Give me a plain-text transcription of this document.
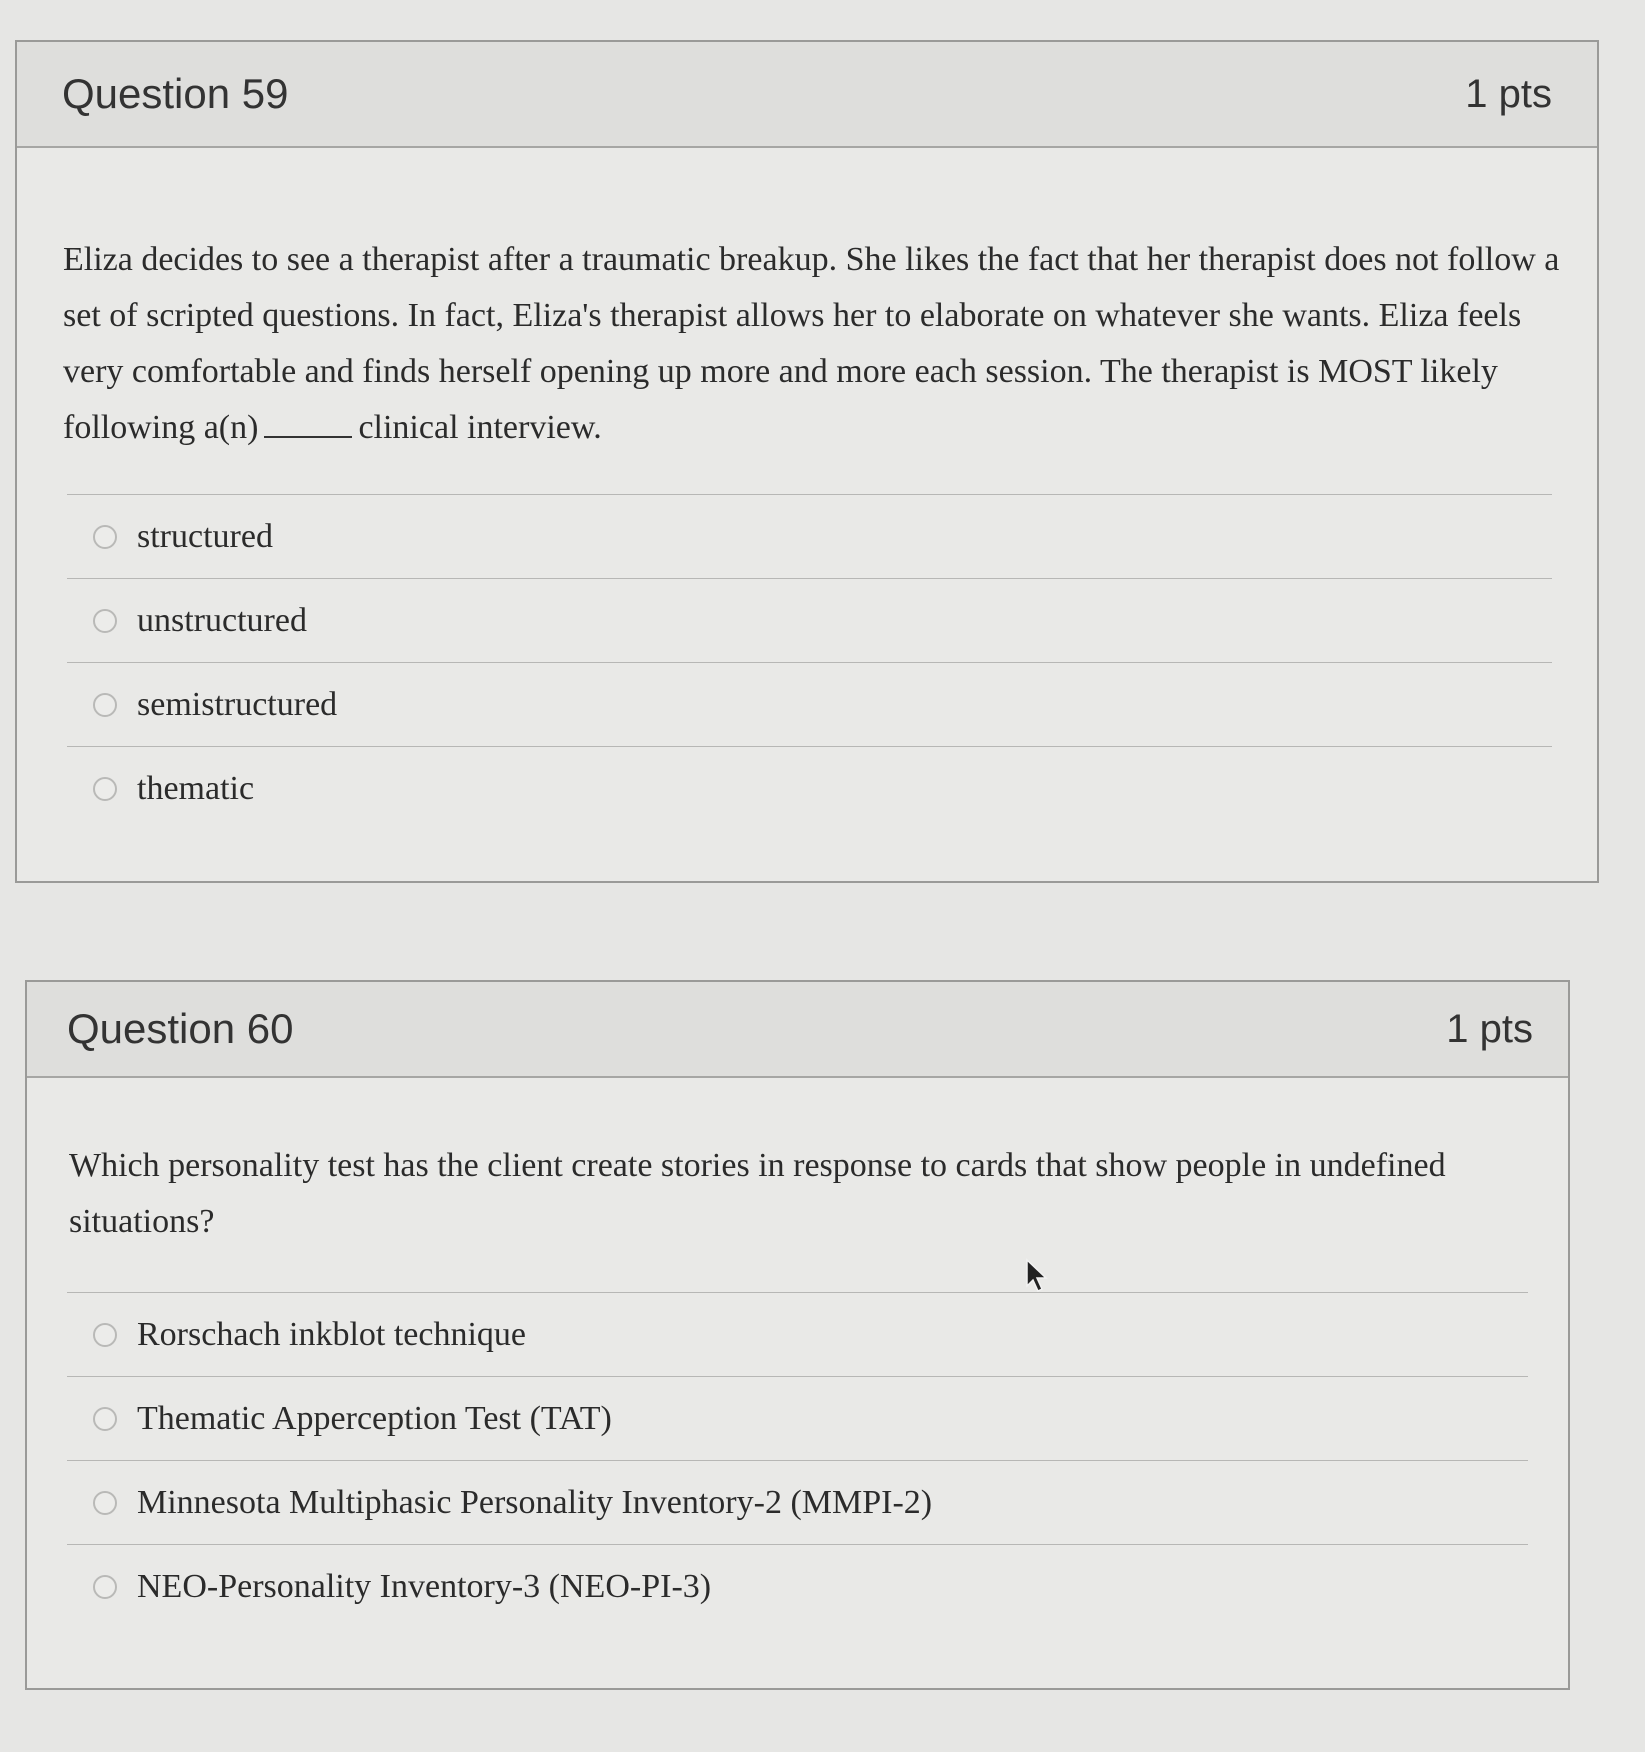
Question 59	1 pts
Eliza decides to see a therapist after a traumatic breakup. She likes the fact that her therapist does not follow a set of scripted questions. In fact, Eliza's therapist allows her to elaborate on whatever she wants. Eliza feels very comfortable and finds herself opening up more and more each session. The therapist is MOST likely following a(n)	clinical interview.
structured
unstructured
semistructured
thematic
Question 60	1 pts
Which personality test has the client create stories in response to cards that show people in undefined situations?
Rorschach inkblot technique
Thematic Apperception Test (TAT)
Minnesota Multiphasic Personality Inventory-2 (MMPI-2)
NEO-Personality Inventory-3 (NEO-PI-3)
